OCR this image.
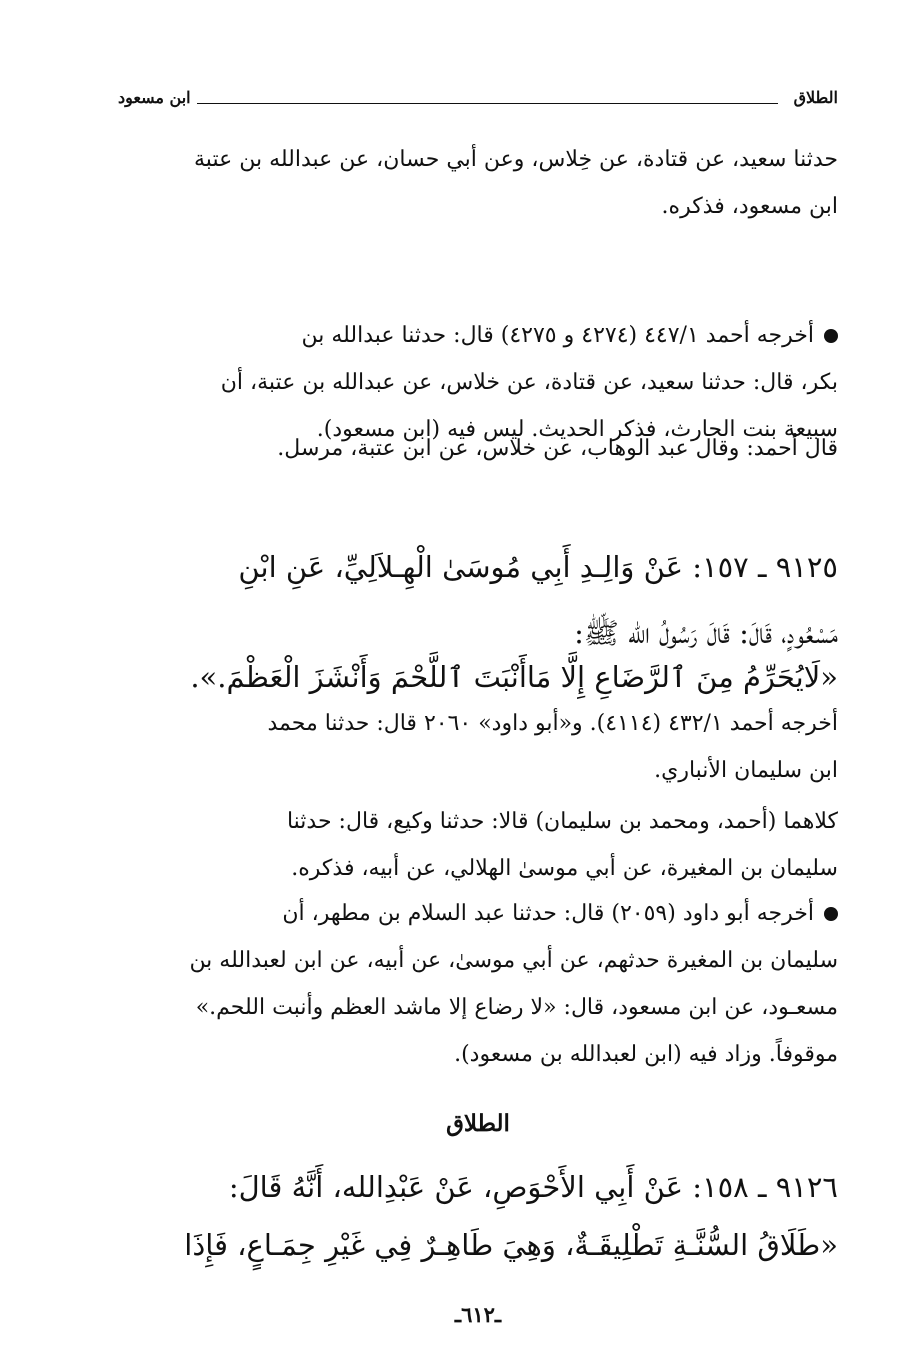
الطلاق
ابن مسعود
حدثنا سعيد، عن قتادة، عن خِلاس، وعن أبي حسان، عن عبدالله بن عتبة
ابن مسعود، فذكره.
أخرجه أحمد ٤٤٧/١ (٤٢٧٤ و ٤٢٧٥) قال: حدثنا عبدالله بن
بكر، قال: حدثنا سعيد، عن قتادة، عن خلاس، عن عبدالله بن عتبة، أن
سبيعة بنت الحارث، فذكر الحديث. ليس فيه (ابن مسعود).
قال أحمد: وقال عبد الوهاب، عن خلاس، عن ابن عتبة، مرسل.
٩١٢٥ ـ ١٥٧: عَنْ وَالِـدِ أَبِي مُوسَىٰ الْهِـلاَلِيِّ، عَنِ ابْنِ
مَسْعُودٍ، قَالَ: قَالَ رَسُولُ الله ﷺ:
«لَايُحَرِّمُ مِنَ ٱلرَّضَاعِ إِلَّا مَاأَنْبَتَ ٱللَّحْمَ وَأَنْشَزَ الْعَظْمَ.».
أخرجه أحمد ٤٣٢/١ (٤١١٤). و«أبو داود» ٢٠٦٠ قال: حدثنا محمد
ابن سليمان الأنباري.
كلاهما (أحمد، ومحمد بن سليمان) قالا: حدثنا وكيع، قال: حدثنا
سليمان بن المغيرة، عن أبي موسىٰ الهلالي، عن أبيه، فذكره.
أخرجه أبو داود (٢٠٥٩) قال: حدثنا عبد السلام بن مطهر، أن
سليمان بن المغيرة حدثهم، عن أبي موسىٰ، عن أبيه، عن ابن لعبدالله بن
مسعـود، عن ابن مسعود، قال: «لا رضاع إلا ماشد العظم وأنبت اللحم.»
موقوفاً. وزاد فيه (ابن لعبدالله بن مسعود).
الطلاق
٩١٢٦ ـ ١٥٨: عَنْ أَبِي الأَحْوَصِ، عَنْ عَبْدِالله، أَنَّهُ قَالَ:
«طَلَاقُ السُّنَّـةِ تَطْلِيقَـةٌ، وَهِيَ طَاهِـرٌ فِي غَيْرِ جِمَـاعٍ، فَإِذَا
ـ٦١٢ـ
